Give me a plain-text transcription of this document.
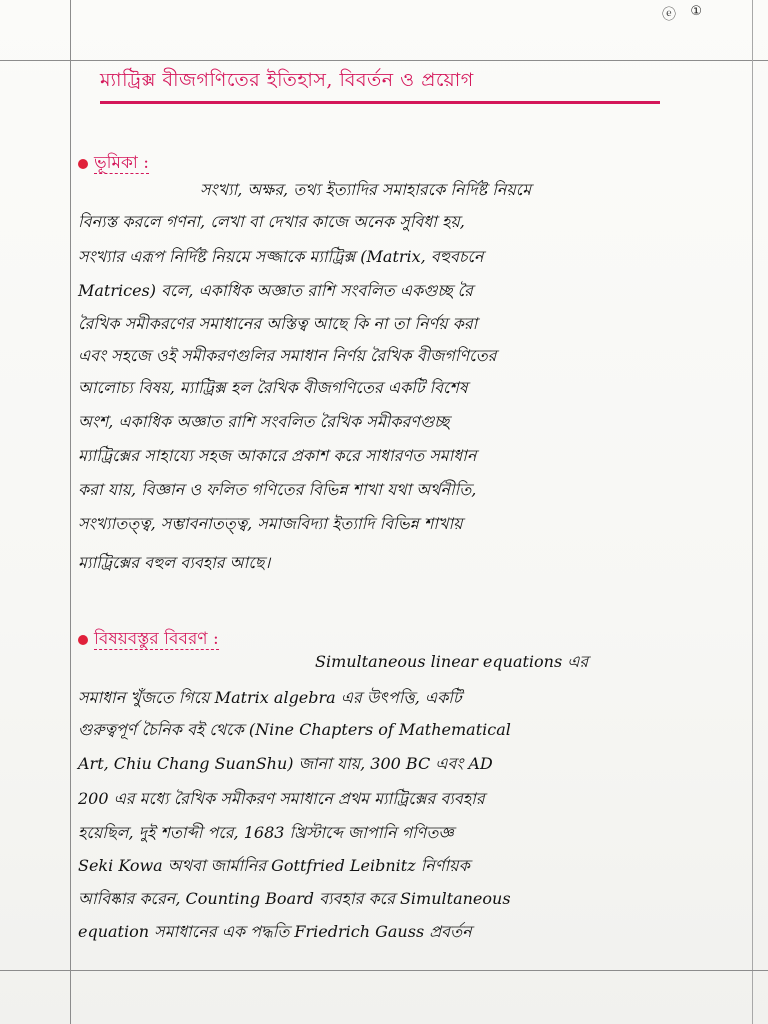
ⓔ ①
ম্যাট্রিক্স বীজগণিতের ইতিহাস, বিবর্তন ও প্রয়োগ
ভূমিকা :
সংখ্যা, অক্ষর, তথ্য ইত্যাদির সমাহারকে নির্দিষ্ট নিয়মে
বিন্যস্ত করলে গণনা, লেখা বা দেখার কাজে অনেক সুবিধা হয়,
সংখ্যার এরূপ নির্দিষ্ট নিয়মে সজ্জাকে ম্যাট্রিক্স (Matrix, বহুবচনে
Matrices) বলে, একাধিক অজ্ঞাত রাশি সংবলিত একগুচ্ছ রৈ
রৈখিক সমীকরণের সমাধানের অস্তিত্ব আছে কি না তা নির্ণয় করা
এবং সহজে ওই সমীকরণগুলির সমাধান নির্ণয় রৈখিক বীজগণিতের
আলোচ্য বিষয়, ম্যাট্রিক্স হল রৈখিক বীজগণিতের একটি বিশেষ
অংশ, একাধিক অজ্ঞাত রাশি সংবলিত রৈখিক সমীকরণগুচ্ছ
ম্যাট্রিক্সের সাহায্যে সহজ আকারে প্রকাশ করে সাধারণত সমাধান
করা যায়, বিজ্ঞান ও ফলিত গণিতের বিভিন্ন শাখা যথা অর্থনীতি,
সংখ্যাতত্ত্ব, সম্ভাবনাতত্ত্ব, সমাজবিদ্যা ইত্যাদি বিভিন্ন শাখায়
ম্যাট্রিক্সের বহুল ব্যবহার আছে।
বিষয়বস্তুর বিবরণ :
Simultaneous linear equations এর
সমাধান খুঁজতে গিয়ে Matrix algebra এর উৎপত্তি, একটি
গুরুত্বপূর্ণ চৈনিক বই থেকে (Nine Chapters of Mathematical
Art, Chiu Chang SuanShu) জানা যায়, 300 BC এবং AD
200 এর মধ্যে রৈখিক সমীকরণ সমাধানে প্রথম ম্যাট্রিক্সের ব্যবহার
হয়েছিল, দুই শতাব্দী পরে, 1683 খ্রিস্টাব্দে জাপানি গণিতজ্ঞ
Seki Kowa অথবা জার্মানির Gottfried Leibnitz নির্ণায়ক
আবিষ্কার করেন, Counting Board ব্যবহার করে Simultaneous
equation সমাধানের এক পদ্ধতি Friedrich Gauss প্রবর্তন
